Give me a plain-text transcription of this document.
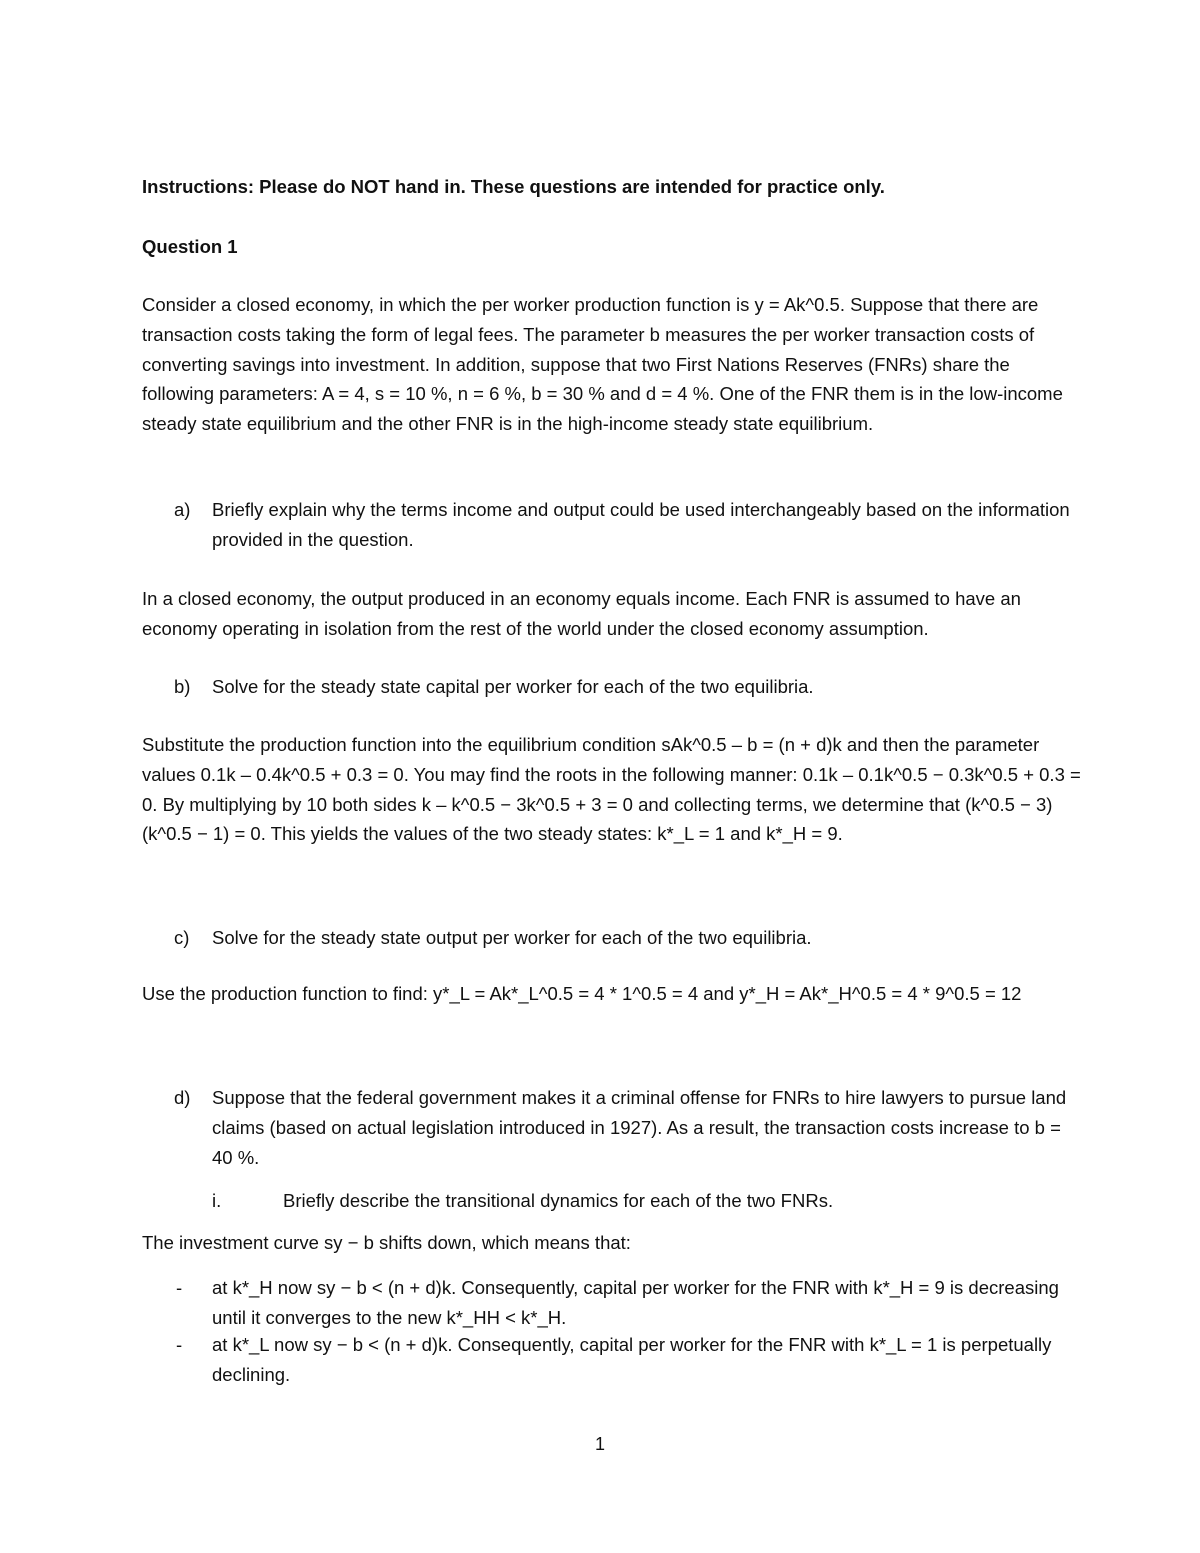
Instructions: Please do NOT hand in. These questions are intended for practice only.

Question 1

Consider a closed economy, in which the per worker production function is y = Ak^0.5. Suppose that there are transaction costs taking the form of legal fees. The parameter b measures the per worker transaction costs of converting savings into investment. In addition, suppose that two First Nations Reserves (FNRs) share the following parameters: A = 4, s = 10 %, n = 6 %, b = 30 % and d = 4 %. One of the FNR them is in the low-income steady state equilibrium and the other FNR is in the high-income steady state equilibrium.

a) Briefly explain why the terms income and output could be used interchangeably based on the information provided in the question.

In a closed economy, the output produced in an economy equals income. Each FNR is assumed to have an economy operating in isolation from the rest of the world under the closed economy assumption.

b) Solve for the steady state capital per worker for each of the two equilibria.

Substitute the production function into the equilibrium condition sAk^0.5 – b = (n + d)k and then the parameter values 0.1k – 0.4k^0.5 + 0.3 = 0. You may find the roots in the following manner: 0.1k – 0.1k^0.5 − 0.3k^0.5 + 0.3 = 0. By multiplying by 10 both sides k – k^0.5 − 3k^0.5 + 3 = 0 and collecting terms, we determine that (k^0.5 − 3) (k^0.5 − 1) = 0. This yields the values of the two steady states: k*_L = 1 and k*_H = 9.

c) Solve for the steady state output per worker for each of the two equilibria.

Use the production function to find: y*_L = Ak*_L^0.5 = 4 * 1^0.5 = 4 and y*_H = Ak*_H^0.5 = 4 * 9^0.5 = 12

d) Suppose that the federal government makes it a criminal offense for FNRs to hire lawyers to pursue land claims (based on actual legislation introduced in 1927). As a result, the transaction costs increase to b = 40 %.

i.	Briefly describe the transitional dynamics for each of the two FNRs.

The investment curve sy − b shifts down, which means that:

- at k*_H now sy − b < (n + d)k. Consequently, capital per worker for the FNR with k*_H = 9 is decreasing until it converges to the new k*_HH < k*_H.

- at k*_L now sy − b < (n + d)k. Consequently, capital per worker for the FNR with k*_L = 1 is perpetually declining.

1
